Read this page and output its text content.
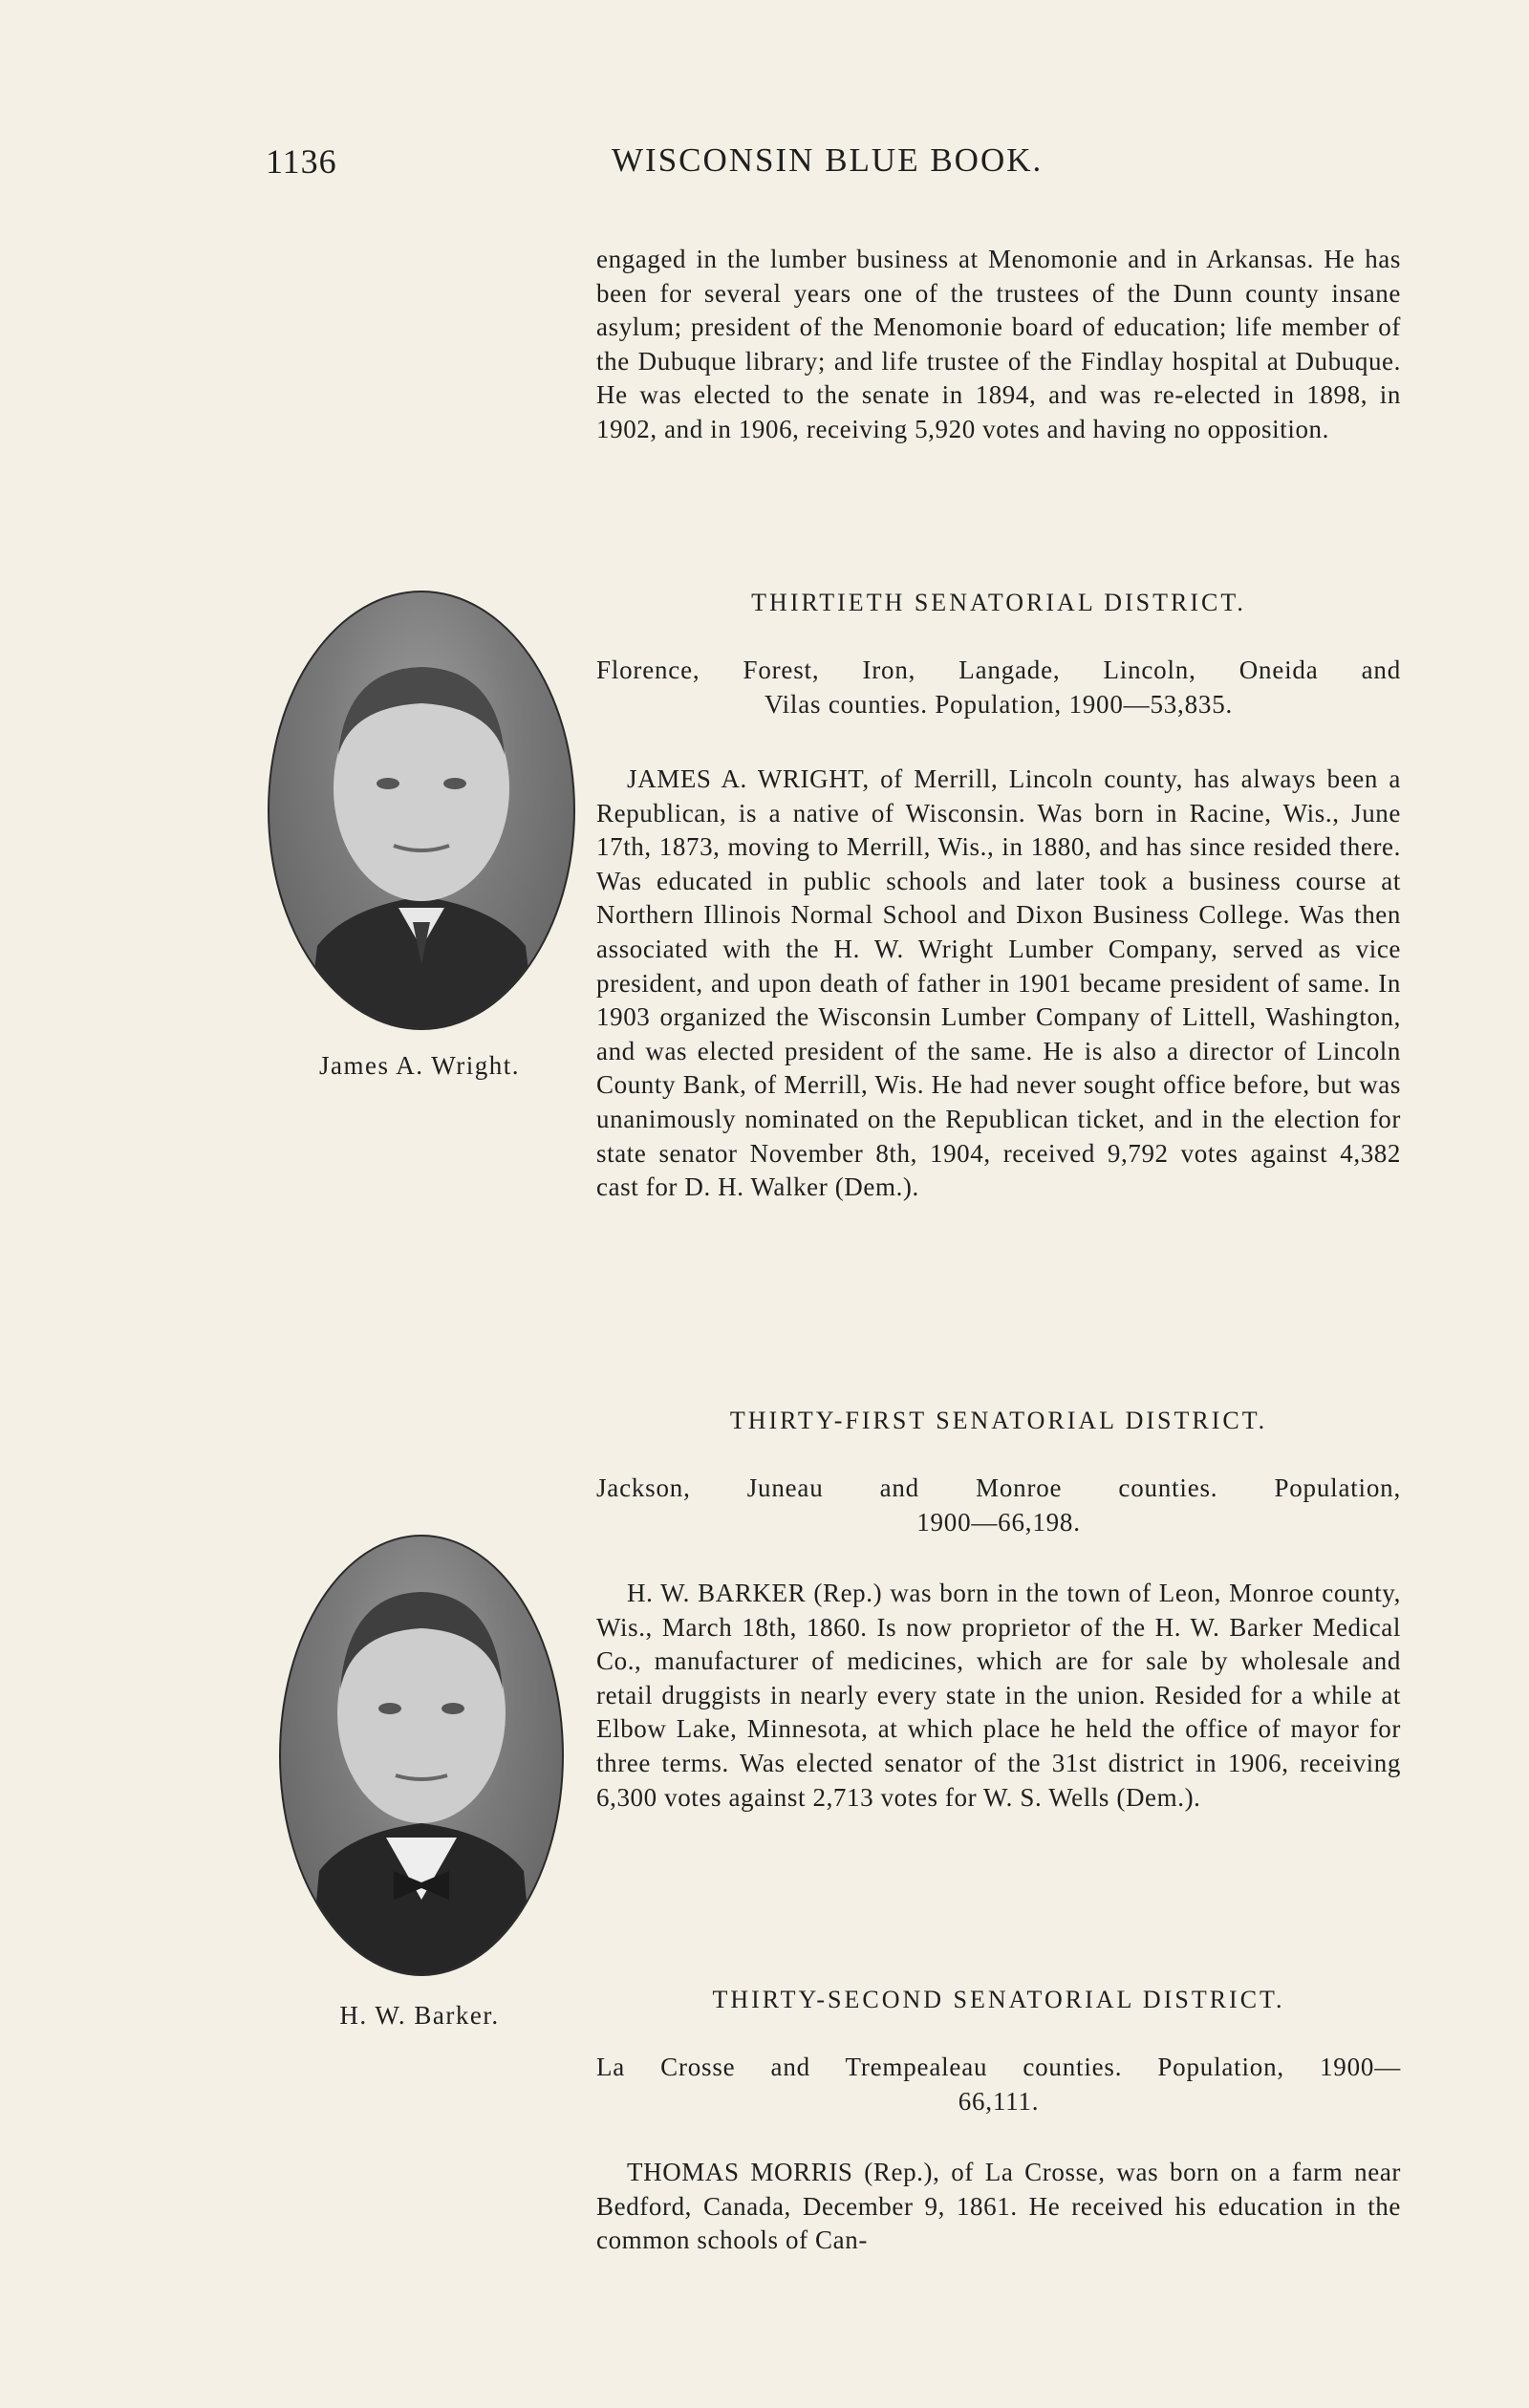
1136	WISCONSIN BLUE BOOK.

engaged in the lumber business at Menomonie and in Arkansas. He has been for several years one of the trustees of the Dunn county insane asylum; president of the Menomonie board of education; life member of the Dubuque library; and life trustee of the Findlay hospital at Dubuque. He was elected to the senate in 1894, and was re-elected in 1898, in 1902, and in 1906, receiving 5,920 votes and having no opposition.

THIRTIETH SENATORIAL DISTRICT.
Florence, Forest, Iron, Langade, Lincoln, Oneida and
Vilas counties. Population, 1900—53,835.

JAMES A. WRIGHT, of Merrill, Lincoln county, has always been a Republican, is a native of Wisconsin. Was born in Racine, Wis., June 17th, 1873, moving to Merrill, Wis., in 1880, and has since resided there. Was educated in public schools and later took a business course at Northern Illinois Normal School and Dixon Business College. Was then associated with the H. W. Wright Lumber Company, served as vice president, and upon death of father in 1901 became president of same. In 1903 organized the Wisconsin Lumber Company of Littell, Washington, and was elected president of the same. He is also a director of Lincoln County Bank, of Merrill, Wis. He had never sought office before, but was unanimously nominated on the Republican ticket, and in the election for state senator November 8th, 1904, received 9,792 votes against 4,382 cast for D. H. Walker (Dem.).

James A. Wright.
THIRTY-FIRST SENATORIAL DISTRICT.
Jackson, Juneau and Monroe counties. Population,
1900—66,198.

H. W. BARKER (Rep.) was born in the town of Leon, Monroe county, Wis., March 18th, 1860. Is now proprietor of the H. W. Barker Medical Co., manufacturer of medicines, which are for sale by wholesale and retail druggists in nearly every state in the union. Resided for a while at Elbow Lake, Minnesota, at which place he held the office of mayor for three terms. Was elected senator of the 31st district in 1906, receiving 6,300 votes against 2,713 votes for W. S. Wells (Dem.).

H. W. Barker.
THIRTY-SECOND SENATORIAL DISTRICT.
La Crosse and Trempealeau counties. Population, 1900—
66,111.

THOMAS MORRIS (Rep.), of La Crosse, was born on a farm near Bedford, Canada, December 9, 1861. He received his education in the common schools of Can-
